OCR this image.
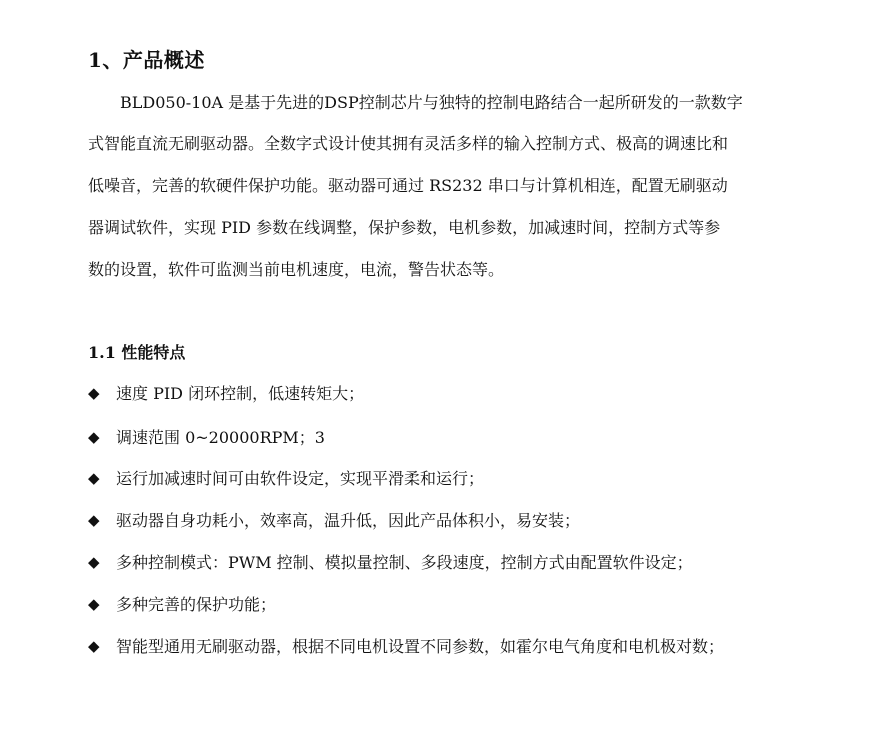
1、产品概述
BLD050-10A 是基于先进的DSP控制芯片与独特的控制电路结合一起所研发的一款数字
式智能直流无刷驱动器。全数字式设计使其拥有灵活多样的输入控制方式、极高的调速比和
低噪音，完善的软硬件保护功能。驱动器可通过 RS232 串口与计算机相连，配置无刷驱动
器调试软件，实现 PID 参数在线调整，保护参数，电机参数，加减速时间，控制方式等参
数的设置，软件可监测当前电机速度，电流，警告状态等。
1.1 性能特点
◆	速度 PID 闭环控制，低速转矩大；
◆	调速范围 0~20000RPM；3
◆	运行加减速时间可由软件设定，实现平滑柔和运行；
◆	驱动器自身功耗小，效率高，温升低，因此产品体积小，易安装；
◆	多种控制模式：PWM 控制、模拟量控制、多段速度，控制方式由配置软件设定；
◆	多种完善的保护功能；
◆	智能型通用无刷驱动器，根据不同电机设置不同参数，如霍尔电气角度和电机极对数；
